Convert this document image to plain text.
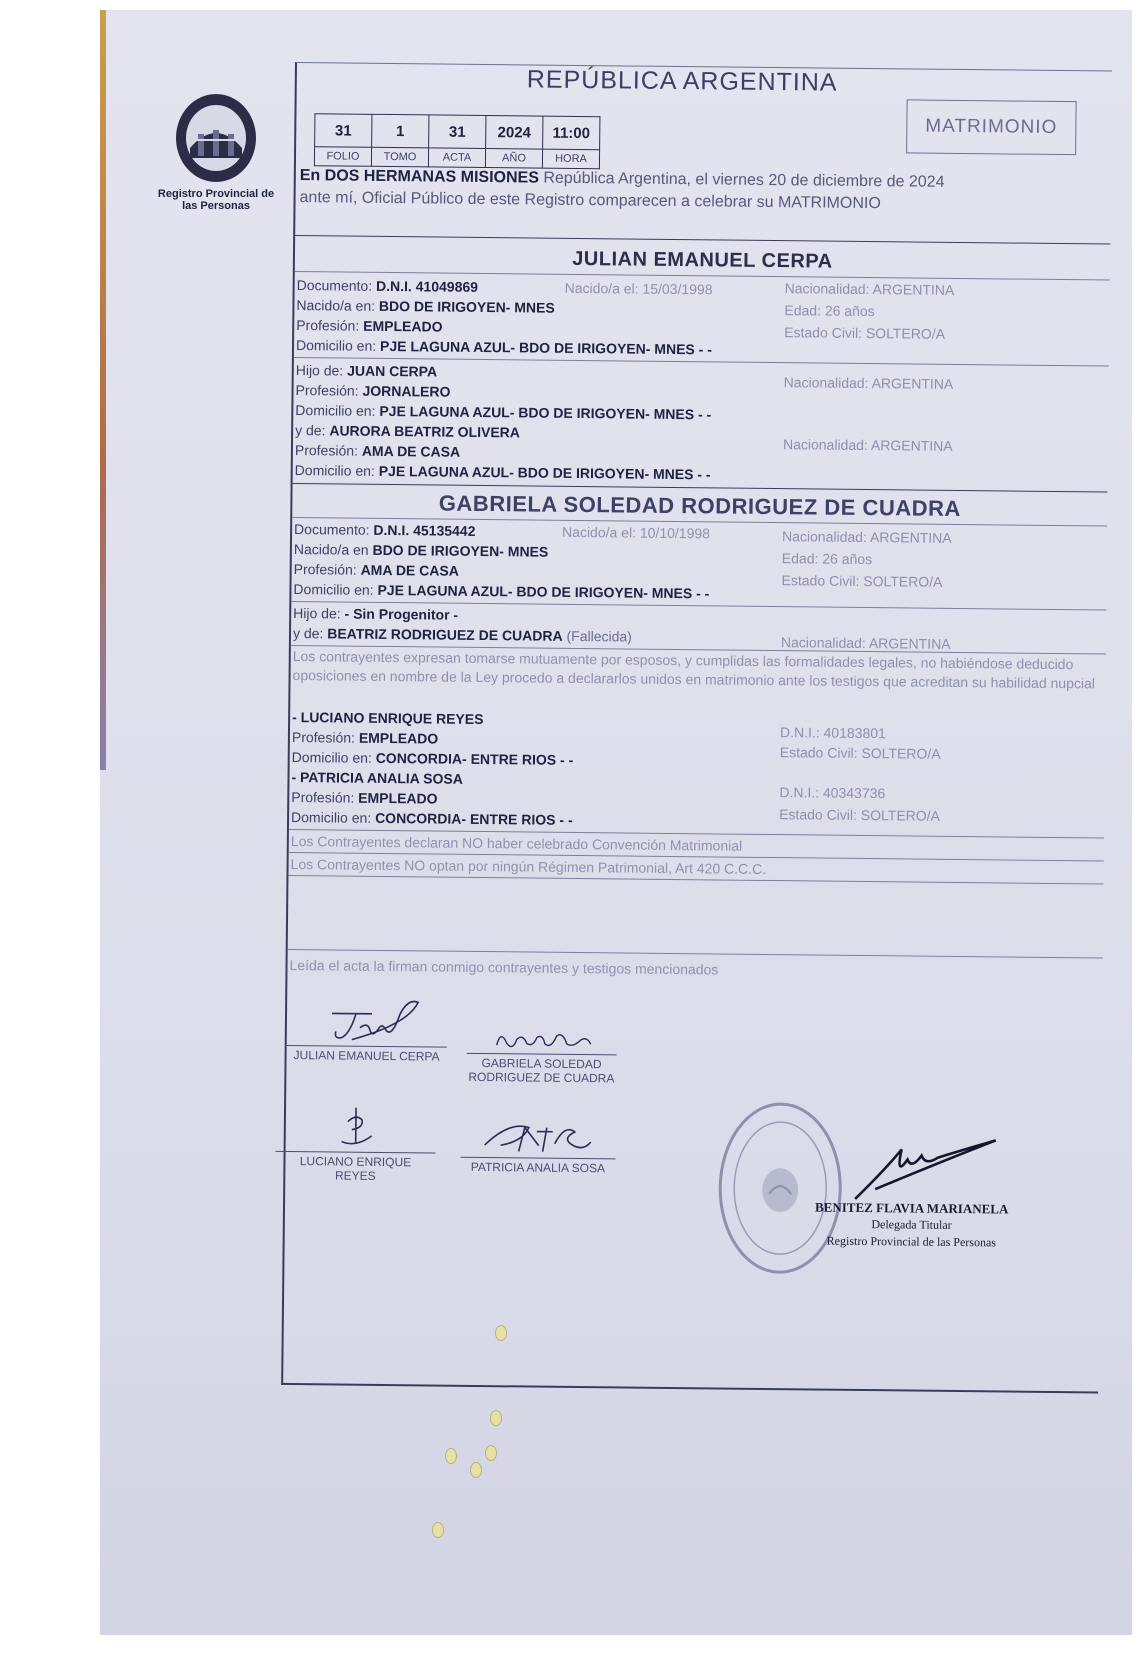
Registro Provincial de las Personas
REPÚBLICA ARGENTINA
31	1	31	2024	11:00
FOLIO	TOMO	ACTA	AÑO	HORA
MATRIMONIO
En DOS HERMANAS MISIONES República Argentina, el viernes 20 de diciembre de 2024
ante mí, Oficial Público de este Registro comparecen a celebrar su MATRIMONIO
JULIAN EMANUEL CERPA
Documento: D.N.I. 41049869	Nacido/a el: 15/03/1998	Nacionalidad: ARGENTINA
Nacido/a en: BDO DE IRIGOYEN- MNES	Edad: 26 años
Profesión: EMPLEADO	Estado Civil: SOLTERO/A
Domicilio en: PJE LAGUNA AZUL- BDO DE IRIGOYEN- MNES - -
Hijo de: JUAN CERPA
Nacionalidad: ARGENTINA
Profesión: JORNALERO
Domicilio en: PJE LAGUNA AZUL- BDO DE IRIGOYEN- MNES - -
y de: AURORA BEATRIZ OLIVERA
Nacionalidad: ARGENTINA
Profesión: AMA DE CASA
Domicilio en: PJE LAGUNA AZUL- BDO DE IRIGOYEN- MNES - -
GABRIELA SOLEDAD RODRIGUEZ DE CUADRA
Documento: D.N.I. 45135442	Nacido/a el: 10/10/1998	Nacionalidad: ARGENTINA
Nacido/a en BDO DE IRIGOYEN- MNES	Edad: 26 años
Profesión: AMA DE CASA
Estado Civil: SOLTERO/A
Domicilio en: PJE LAGUNA AZUL- BDO DE IRIGOYEN- MNES - -
Hijo de: - Sin Progenitor -
y de: BEATRIZ RODRIGUEZ DE CUADRA (Fallecida)	Nacionalidad: ARGENTINA
Los contrayentes expresan tomarse mutuamente por esposos, y cumplidas las formalidades legales, no habiéndose deducido oposiciones en nombre de la Ley procedo a declararlos unidos en matrimonio ante los testigos que acreditan su habilidad nupcial
- LUCIANO ENRIQUE REYES
D.N.I.: 40183801
Profesión: EMPLEADO
Estado Civil: SOLTERO/A
Domicilio en: CONCORDIA- ENTRE RIOS - -
- PATRICIA ANALIA SOSA
D.N.I.: 40343736
Profesión: EMPLEADO
Estado Civil: SOLTERO/A
Domicilio en: CONCORDIA- ENTRE RIOS - -
Los Contrayentes declaran NO haber celebrado Convención Matrimonial
Los Contrayentes NO optan por ningún Régimen Patrimonial, Art 420 C.C.C.
Leída el acta la firman conmigo contrayentes y testigos mencionados
JULIAN EMANUEL CERPA
GABRIELA SOLEDAD
RODRIGUEZ DE CUADRA
LUCIANO ENRIQUE
REYES
PATRICIA ANALIA SOSA
BENITEZ FLAVIA MARIANELA
Delegada Titular
Registro Provincial de las Personas
